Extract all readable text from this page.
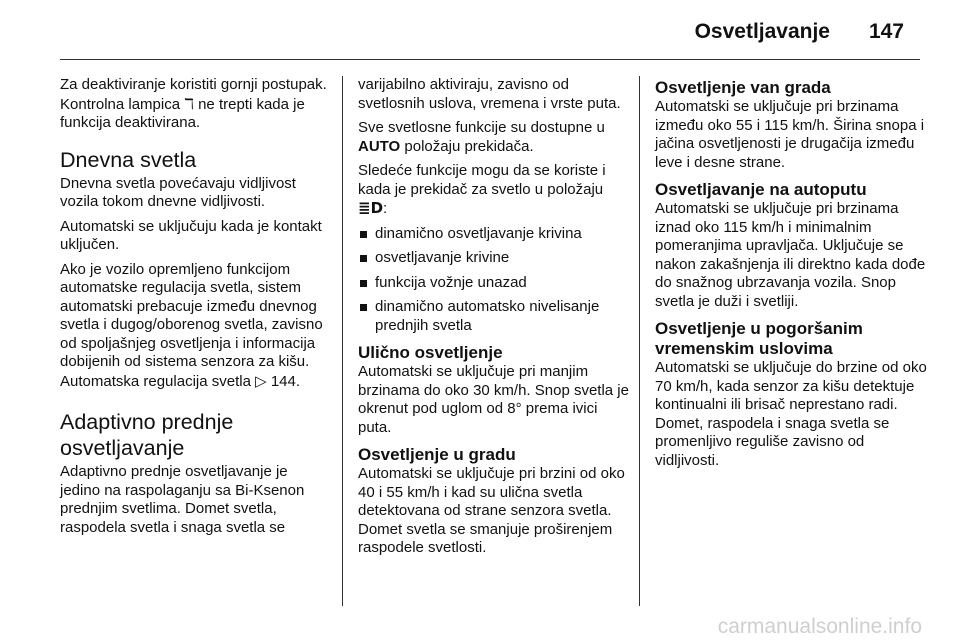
Osvetljavanje 147

Za deaktiviranje koristiti gornji postupak. Kontrolna lampica ℸ ne trepti kada je funkcija deaktivirana.

Dnevna svetla

Dnevna svetla povećavaju vidljivost vozila tokom dnevne vidljivosti.

Automatski se uključuju kada je kontakt uključen.

Ako je vozilo opremljeno funkcijom automatske regulacija svetla, sistem automatski prebacuje između dnevnog svetla i dugog/oborenog svetla, zavisno od spoljašnjeg osvetljenja i informacija dobijenih od sistema senzora za kišu. Automatska regulacija svetla ▷ 144.

Adaptivno prednje
osvetljavanje

Adaptivno prednje osvetljavanje je jedino na raspolaganju sa Bi-Ksenon prednjim svetlima. Domet svetla, raspodela svetla i snaga svetla se

varijabilno aktiviraju, zavisno od svetlosnih uslova, vremena i vrste puta.

Sve svetlosne funkcije su dostupne u AUTO položaju prekidača.

Sledeće funkcije mogu da se koriste i kada je prekidač za svetlo u položaju ≣D:

dinamično osvetljavanje krivina
osvetljavanje krivine
funkcija vožnje unazad
dinamično automatsko nivelisanje prednjih svetla
Ulično osvetljenje

Automatski se uključuje pri manjim brzinama do oko 30 km/h. Snop svetla je okrenut pod uglom od 8° prema ivici puta.

Osvetljenje u gradu

Automatski se uključuje pri brzini od oko 40 i 55 km/h i kad su ulična svetla detektovana od strane senzora svetla. Domet svetla se smanjuje proširenjem raspodele svetlosti.

Osvetljenje van grada

Automatski se uključuje pri brzinama između oko 55 i 115 km/h. Širina snopa i jačina osvetljenosti je drugačija između leve i desne strane.

Osvetljavanje na autoputu

Automatski se uključuje pri brzinama iznad oko 115 km/h i minimalnim pomeranjima upravljača. Uključuje se nakon zakašnjenja ili direktno kada dođe do snažnog ubrzavanja vozila. Snop svetla je duži i svetliji.

Osvetljenje u pogoršanim
vremenskim uslovima

Automatski se uključuje do brzine od oko 70 km/h, kada senzor za kišu detektuje kontinualni ili brisač neprestano radi. Domet, raspodela i snaga svetla se promenljivo reguliše zavisno od vidljivosti.

carmanualsonline.info
